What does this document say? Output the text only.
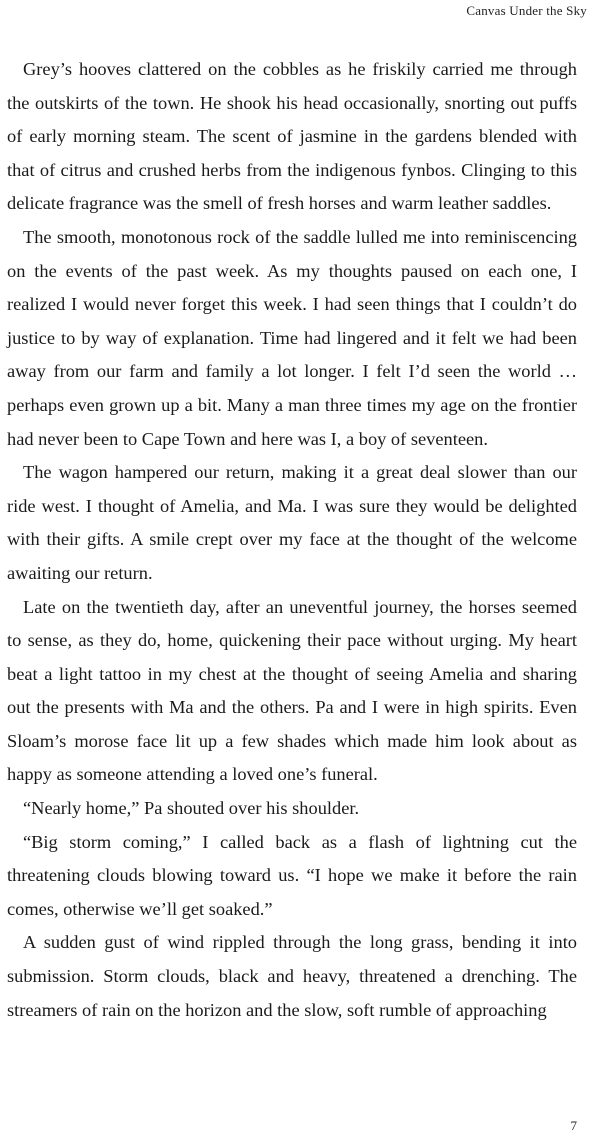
Canvas Under the Sky

Grey’s hooves clattered on the cobbles as he friskily carried me through the outskirts of the town. He shook his head occasionally, snorting out puffs of early morning steam. The scent of jasmine in the gardens blended with that of citrus and crushed herbs from the indigenous fynbos. Clinging to this delicate fragrance was the smell of fresh horses and warm leather saddles.

The smooth, monotonous rock of the saddle lulled me into reminiscencing on the events of the past week. As my thoughts paused on each one, I realized I would never forget this week. I had seen things that I couldn’t do justice to by way of explanation. Time had lingered and it felt we had been away from our farm and family a lot longer. I felt I’d seen the world … perhaps even grown up a bit. Many a man three times my age on the frontier had never been to Cape Town and here was I, a boy of seventeen.

The wagon hampered our return, making it a great deal slower than our ride west. I thought of Amelia, and Ma. I was sure they would be delighted with their gifts. A smile crept over my face at the thought of the welcome awaiting our return.

Late on the twentieth day, after an uneventful journey, the horses seemed to sense, as they do, home, quickening their pace without urging. My heart beat a light tattoo in my chest at the thought of seeing Amelia and sharing out the presents with Ma and the others. Pa and I were in high spirits. Even Sloam’s morose face lit up a few shades which made him look about as happy as someone attending a loved one’s funeral.

“Nearly home,” Pa shouted over his shoulder.

“Big storm coming,” I called back as a flash of lightning cut the threatening clouds blowing toward us. “I hope we make it before the rain comes, otherwise we’ll get soaked.”

A sudden gust of wind rippled through the long grass, bending it into submission. Storm clouds, black and heavy, threatened a drenching. The streamers of rain on the horizon and the slow, soft rumble of approaching

7
